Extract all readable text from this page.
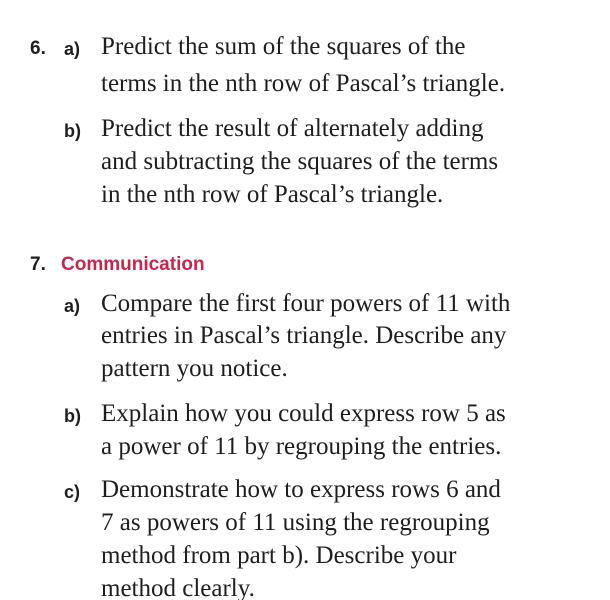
6. a) Predict the sum of the squares of the
terms in the nth row of Pascal’s triangle.
b) Predict the result of alternately adding
and subtracting the squares of the terms
in the nth row of Pascal’s triangle.
7. Communication
a) Compare the first four powers of 11 with
entries in Pascal’s triangle. Describe any
pattern you notice.
b) Explain how you could express row 5 as
a power of 11 by regrouping the entries.
c) Demonstrate how to express rows 6 and
7 as powers of 11 using the regrouping
method from part b). Describe your
method clearly.
